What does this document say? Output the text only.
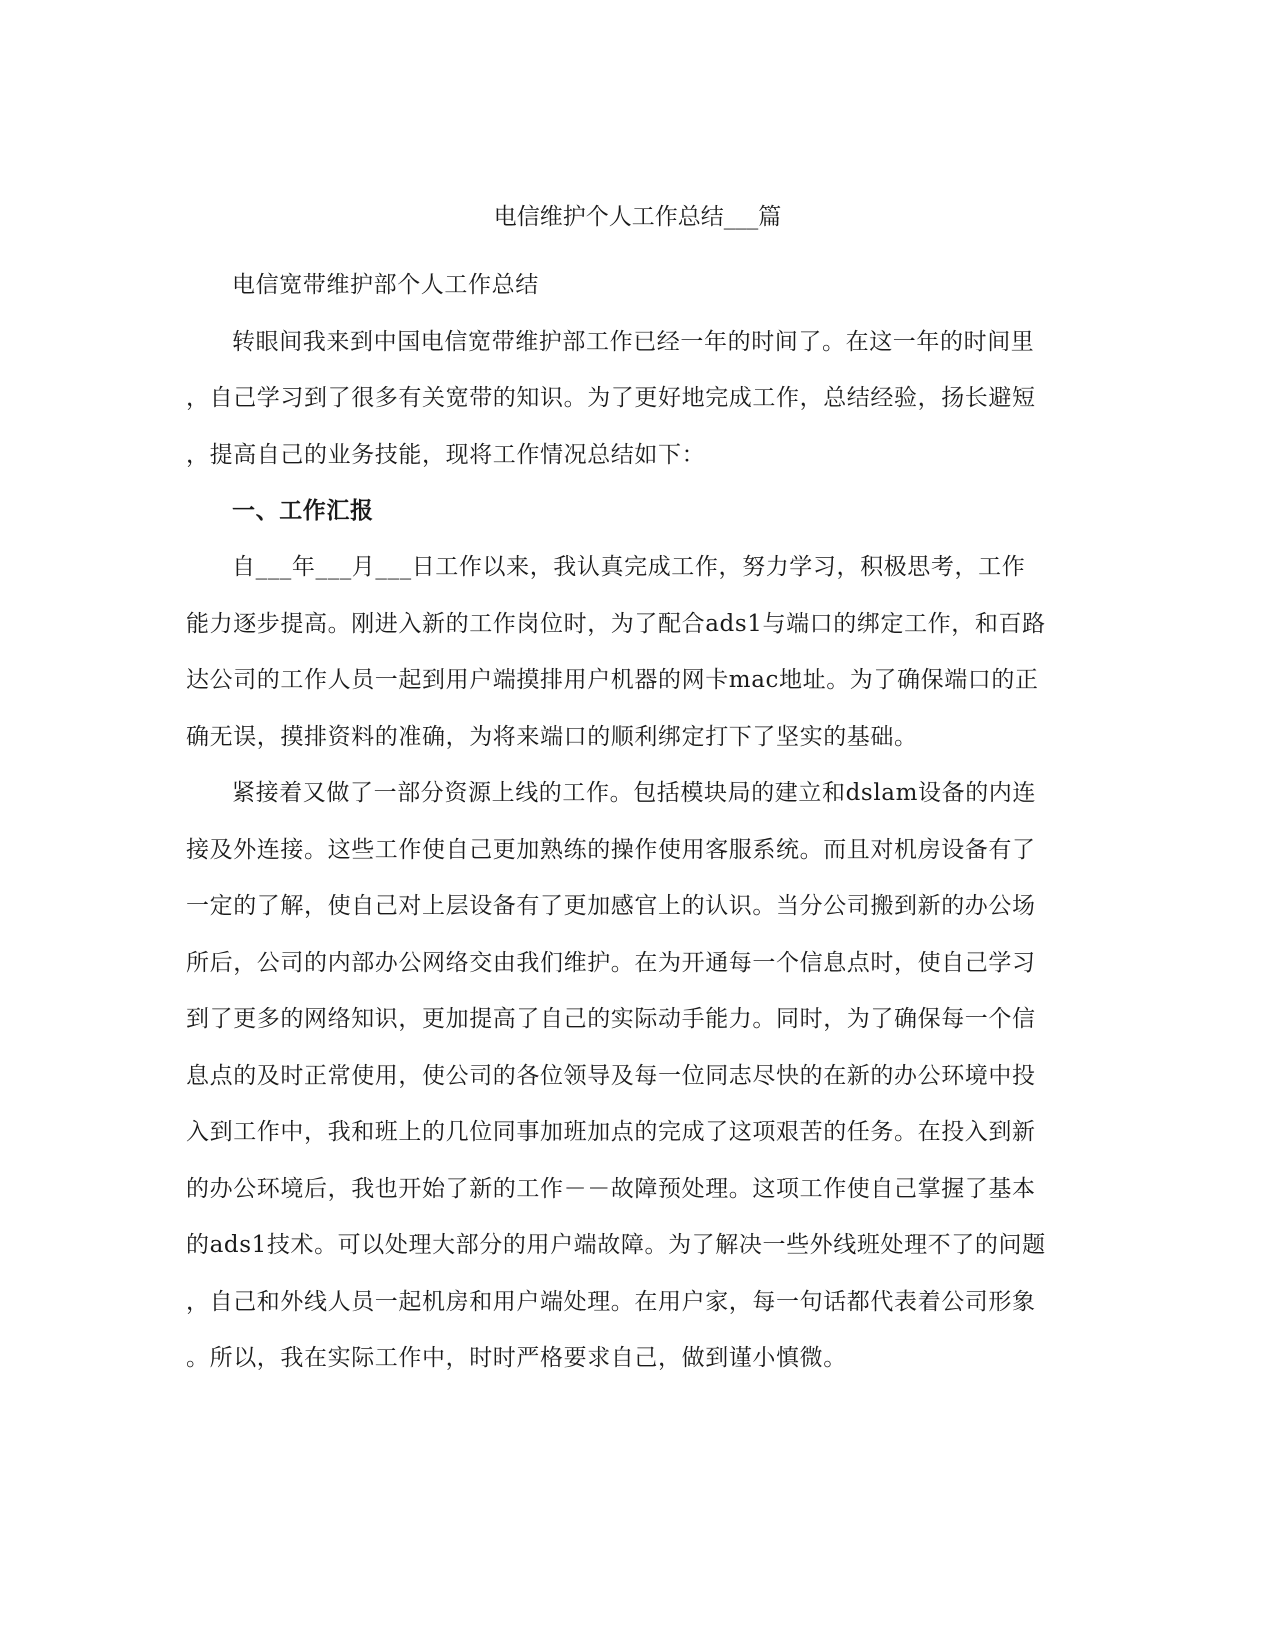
电信维护个人工作总结___篇
电信宽带维护部个人工作总结
转眼间我来到中国电信宽带维护部工作已经一年的时间了。在这一年的时间里
，自己学习到了很多有关宽带的知识。为了更好地完成工作，总结经验，扬长避短
，提高自己的业务技能，现将工作情况总结如下：
一、工作汇报
自___年___月___日工作以来，我认真完成工作，努力学习，积极思考，工作
能力逐步提高。刚进入新的工作岗位时，为了配合ads1与端口的绑定工作，和百路
达公司的工作人员一起到用户端摸排用户机器的网卡mac地址。为了确保端口的正
确无误，摸排资料的准确，为将来端口的顺利绑定打下了坚实的基础。
紧接着又做了一部分资源上线的工作。包括模块局的建立和dslam设备的内连
接及外连接。这些工作使自己更加熟练的操作使用客服系统。而且对机房设备有了
一定的了解，使自己对上层设备有了更加感官上的认识。当分公司搬到新的办公场
所后，公司的内部办公网络交由我们维护。在为开通每一个信息点时，使自己学习
到了更多的网络知识，更加提高了自己的实际动手能力。同时，为了确保每一个信
息点的及时正常使用，使公司的各位领导及每一位同志尽快的在新的办公环境中投
入到工作中，我和班上的几位同事加班加点的完成了这项艰苦的任务。在投入到新
的办公环境后，我也开始了新的工作－－故障预处理。这项工作使自己掌握了基本
的ads1技术。可以处理大部分的用户端故障。为了解决一些外线班处理不了的问题
，自己和外线人员一起机房和用户端处理。在用户家，每一句话都代表着公司形象
。所以，我在实际工作中，时时严格要求自己，做到谨小慎微。
